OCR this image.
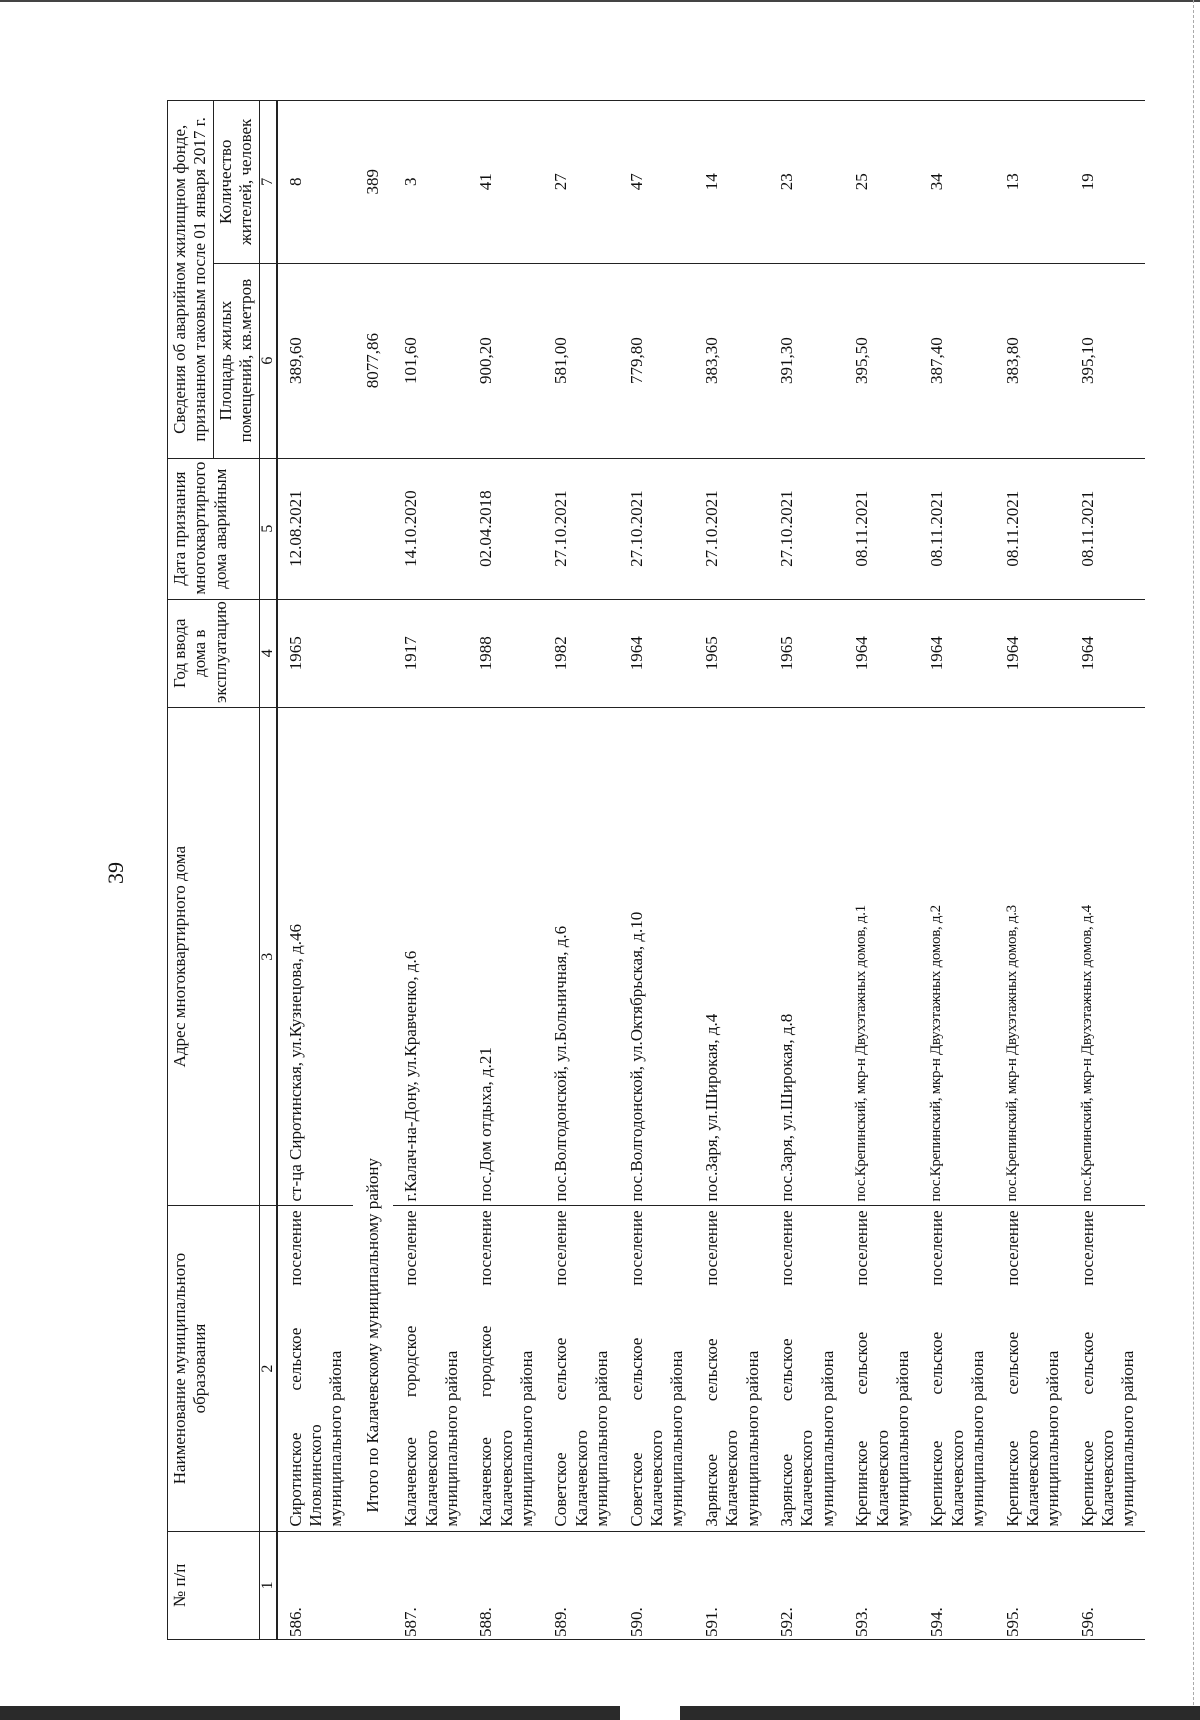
39
№ п/п	Наименование муниципального образования	Адрес многоквартирного дома	Год ввода дома в эксплуатацию	Дата признания многоквартирного дома аварийным	Сведения об аварийном жилищном фонде, признанном таковым после 01 января 2017 г.	
					Площадь жилых помещений, кв.метров	Количество жителей, человек
1	2	3	4	5	6	7
586.	Сиротинское сельское поселение Иловлинского муниципального района	ст-ца Сиротинская, ул.Кузнецова, д.46	1965	12.08.2021	389,60	8
	Итого по Калачевскому муниципальному району				8077,86	389
587.	Калачевское городское поселение Калачевского муниципального района	г.Калач-на-Дону, ул.Кравченко, д.6	1917	14.10.2020	101,60	3
588.	Калачевское городское поселение Калачевского муниципального района	пос.Дом отдыха, д.21	1988	02.04.2018	900,20	41
589.	Советское сельское поселение Калачевского муниципального района	пос.Волгодонской, ул.Больничная, д.6	1982	27.10.2021	581,00	27
590.	Советское сельское поселение Калачевского муниципального района	пос.Волгодонской, ул.Октябрьская, д.10	1964	27.10.2021	779,80	47
591.	Зарянское сельское поселение Калачевского муниципального района	пос.Заря, ул.Широкая, д.4	1965	27.10.2021	383,30	14
592.	Зарянское сельское поселение Калачевского муниципального района	пос.Заря, ул.Широкая, д.8	1965	27.10.2021	391,30	23
593.	Крепинское сельское поселение Калачевского муниципального района	пос.Крепинский, мкр-н Двухэтажных домов, д.1	1964	08.11.2021	395,50	25
594.	Крепинское сельское поселение Калачевского муниципального района	пос.Крепинский, мкр-н Двухэтажных домов, д.2	1964	08.11.2021	387,40	34
595.	Крепинское сельское поселение Калачевского муниципального района	пос.Крепинский, мкр-н Двухэтажных домов, д.3	1964	08.11.2021	383,80	13
596.	Крепинское сельское поселение Калачевского муниципального района	пос.Крепинский, мкр-н Двухэтажных домов, д.4	1964	08.11.2021	395,10	19
